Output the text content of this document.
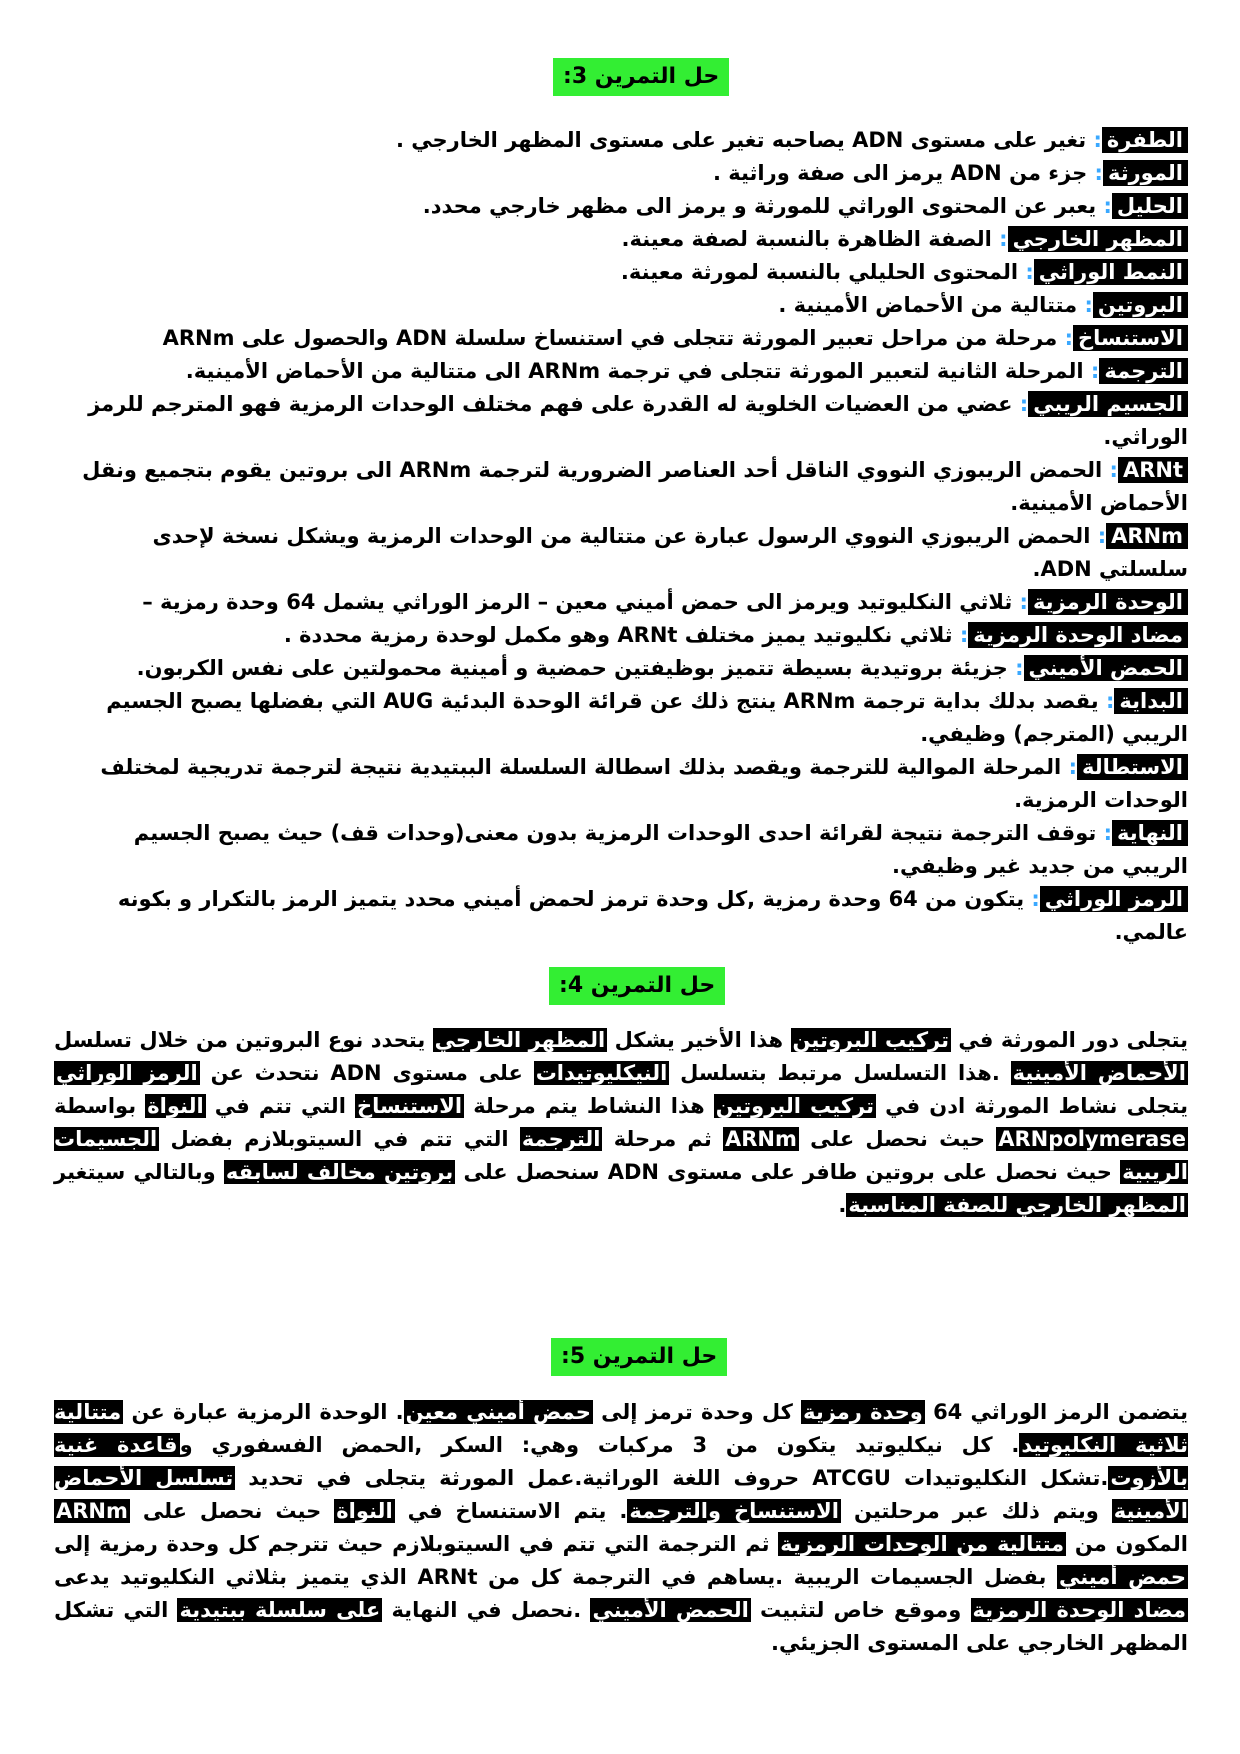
حل التمرين 3:
الطفرة: تغير على مستوى ADN يصاحبه تغير على مستوى المظهر الخارجي .
المورثة: جزء من ADN يرمز الى صفة وراثية .
الحليل: يعبر عن المحتوى الوراثي للمورثة و يرمز الى مظهر خارجي محدد.
المظهر الخارجي: الصفة الظاهرة بالنسبة لصفة معينة.
النمط الوراثي: المحتوى الحليلي بالنسبة لمورثة معينة.
البروتين: متتالية من الأحماض الأمينية .
الاستنساخ: مرحلة من مراحل تعبير المورثة تتجلى في استنساخ سلسلة ADN والحصول على ARNm
الترجمة: المرحلة الثانية لتعبير المورثة تتجلى في ترجمة ARNm الى متتالية من الأحماض الأمينية.
الجسيم الريبي: عضي من العضيات الخلوية له القدرة على فهم مختلف الوحدات الرمزية فهو المترجم للرمز الوراثي.
ARNt: الحمض الريبوزي النووي الناقل أحد العناصر الضرورية لترجمة ARNm الى بروتين يقوم بتجميع ونقل الأحماض الأمينية.
ARNm: الحمض الريبوزي النووي الرسول عبارة عن متتالية من الوحدات الرمزية ويشكل نسخة لإحدى سلسلتي ADN.
الوحدة الرمزية: ثلاثي النكليوتيد ويرمز الى حمض أميني معين – الرمز الوراثي يشمل 64 وحدة رمزية –
مضاد الوحدة الرمزية: ثلاثي نكليوتيد يميز مختلف ARNt وهو مكمل لوحدة رمزية محددة .
الحمض الأميني: جزيئة بروتيدية بسيطة تتميز بوظيفتين حمضية و أمينية محمولتين على نفس الكربون.
البداية: يقصد بدلك بداية ترجمة ARNm ينتج ذلك عن قرائة الوحدة البدئية AUG التي بفضلها يصبح الجسيم الريبي (المترجم) وظيفي.
الاستطالة: المرحلة الموالية للترجمة ويقصد بذلك اسطالة السلسلة الببتيدية نتيجة لترجمة تدريجية لمختلف الوحدات الرمزية.
النهاية: توقف الترجمة نتيجة لقرائة احدى الوحدات الرمزية بدون معنى(وحدات قف) حيث يصبح الجسيم الريبي من جديد غير وظيفي.
الرمز الوراثي: يتكون من 64 وحدة رمزية ,كل وحدة ترمز لحمض أميني محدد يتميز الرمز بالتكرار و بكونه عالمي.
حل التمرين 4:
يتجلى دور المورثة في تركيب البروتين هذا الأخير يشكل المظهر الخارجي يتحدد نوع البروتين من خلال تسلسل الأحماض الأمينية .هذا التسلسل مرتبط بتسلسل النيكليوتيدات على مستوى ADN نتحدث عن الرمز الوراثي يتجلى نشاط المورثة ادن في تركيب البروتين هذا النشاط يتم مرحلة الاستنساخ التي تتم في النواة بواسطة ARNpolymerase حيث نحصل على ARNm ثم مرحلة الترجمة التي تتم في السيتوبلازم بفضل الجسيمات الريبية حيث نحصل على بروتين طافر على مستوى ADN سنحصل على بروتين مخالف لسابقه وبالتالي سيتغير المظهر الخارجي للصفة المناسبة.
حل التمرين 5:
يتضمن الرمز الوراثي 64 وحدة رمزية كل وحدة ترمز إلى حمض أميني معين. الوحدة الرمزية عبارة عن متتالية ثلاثية النكليوتيد. كل نيكليوتيد يتكون من 3 مركبات وهي: السكر ,الحمض الفسفوري وقاعدة غنية بالأزوت.تشكل النكليوتيدات ATCGU حروف اللغة الوراثية.عمل المورثة يتجلى في تحديد تسلسل الأحماض الأمينية ويتم ذلك عبر مرحلتين الاستنساخ والترجمة. يتم الاستنساخ في النواة حيث نحصل على ARNm المكون من متتالية من الوحدات الرمزية ثم الترجمة التي تتم في السيتوبلازم حيث تترجم كل وحدة رمزية إلى حمض أميني بفضل الجسيمات الريبية .يساهم في الترجمة كل من ARNt الذي يتميز بثلاثي النكليوتيد يدعى مضاد الوحدة الرمزية وموقع خاص لتثبيت الحمض الأميني .نحصل في النهاية على سلسلة ببتيدية التي تشكل المظهر الخارجي على المستوى الجزيئي.
